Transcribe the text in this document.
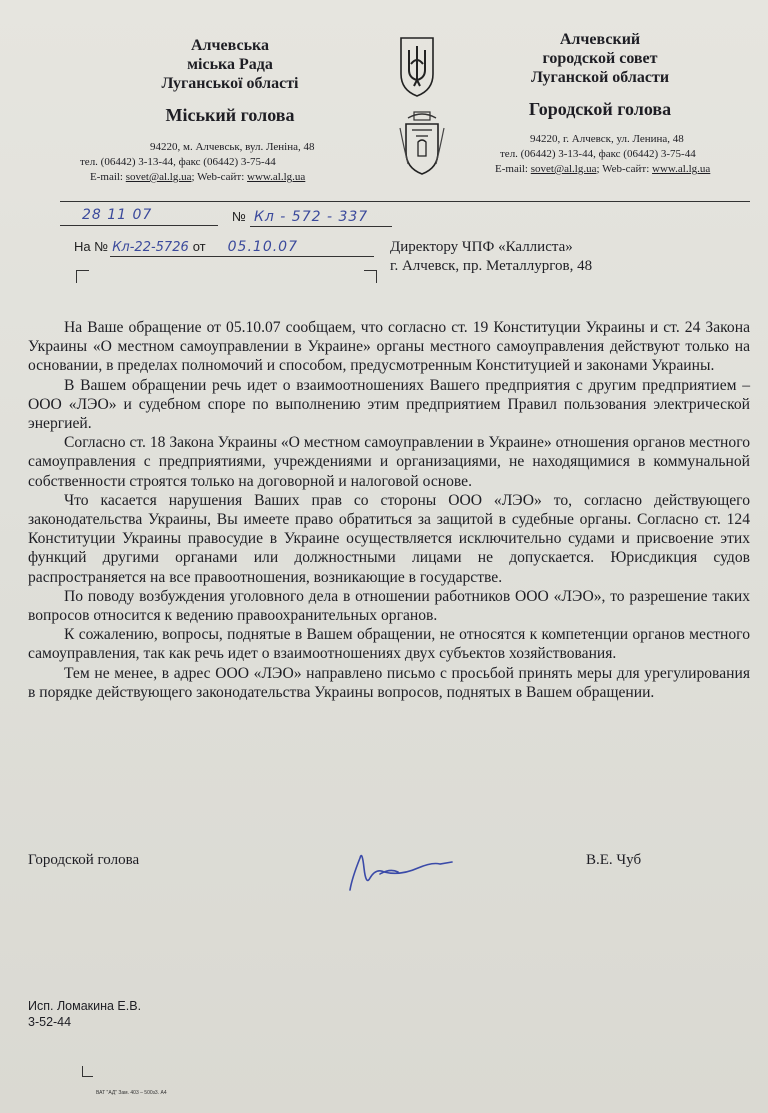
Алчевська
міська Рада
Луганської області
Міський голова
94220, м. Алчевськ, вул. Леніна, 48
тел. (06442) 3-13-44, факс (06442) 3-75-44
E-mail: sovet@al.lg.ua; Web-сайт: www.al.lg.ua
Алчевский
городской совет
Луганской области
Городской голова
94220, г. Алчевск, ул. Ленина, 48
тел. (06442) 3-13-44, факс (06442) 3-75-44
E-mail: sovet@al.lg.ua; Web-сайт: www.al.lg.ua
28 11 07	№ Кл - 572 - 337
На № Кл-22-5726 от 05.10.07	Директору ЧПФ «Каллиста»
г. Алчевск, пр. Металлургов, 48

На Ваше обращение от 05.10.07 сообщаем, что согласно ст. 19 Конституции Украины и ст. 24 Закона Украины «О местном самоуправлении в Украине» органы местного самоуправления действуют только на основании, в пределах полномочий и способом, предусмотренным Конституцией и законами Украины.

В Вашем обращении речь идет о взаимоотношениях Вашего предприятия с другим предприятием – ООО «ЛЭО» и судебном споре по выполнению этим предприятием Правил пользования электрической энергией.

Согласно ст. 18 Закона Украины «О местном самоуправлении в Украине» отношения органов местного самоуправления с предприятиями, учреждениями и организациями, не находящимися в коммунальной собственности строятся только на договорной и налоговой основе.

Что касается нарушения Ваших прав со стороны ООО «ЛЭО» то, согласно действующего законодательства Украины, Вы имеете право обратиться за защитой в судебные органы. Согласно ст. 124 Конституции Украины правосудие в Украине осуществляется исключительно судами и присвоение этих функций другими органами или должностными лицами не допускается. Юрисдикция судов распространяется на все правоотношения, возникающие в государстве.

По поводу возбуждения уголовного дела в отношении работников ООО «ЛЭО», то разрешение таких вопросов относится к ведению правоохранительных органов.

К сожалению, вопросы, поднятые в Вашем обращении, не относятся к компетенции органов местного самоуправления, так как речь идет о взаимоотношениях двух субъектов хозяйствования.

Тем не менее, в адрес ООО «ЛЭО» направлено письмо с просьбой принять меры для урегулирования в порядке действующего законодательства Украины вопросов, поднятых в Вашем обращении.

Городской голова	В.Е. Чуб
Исп. Ломакина Е.В.
3-52-44
ВАТ "АД" Зам. 403 – 500з3. А4
